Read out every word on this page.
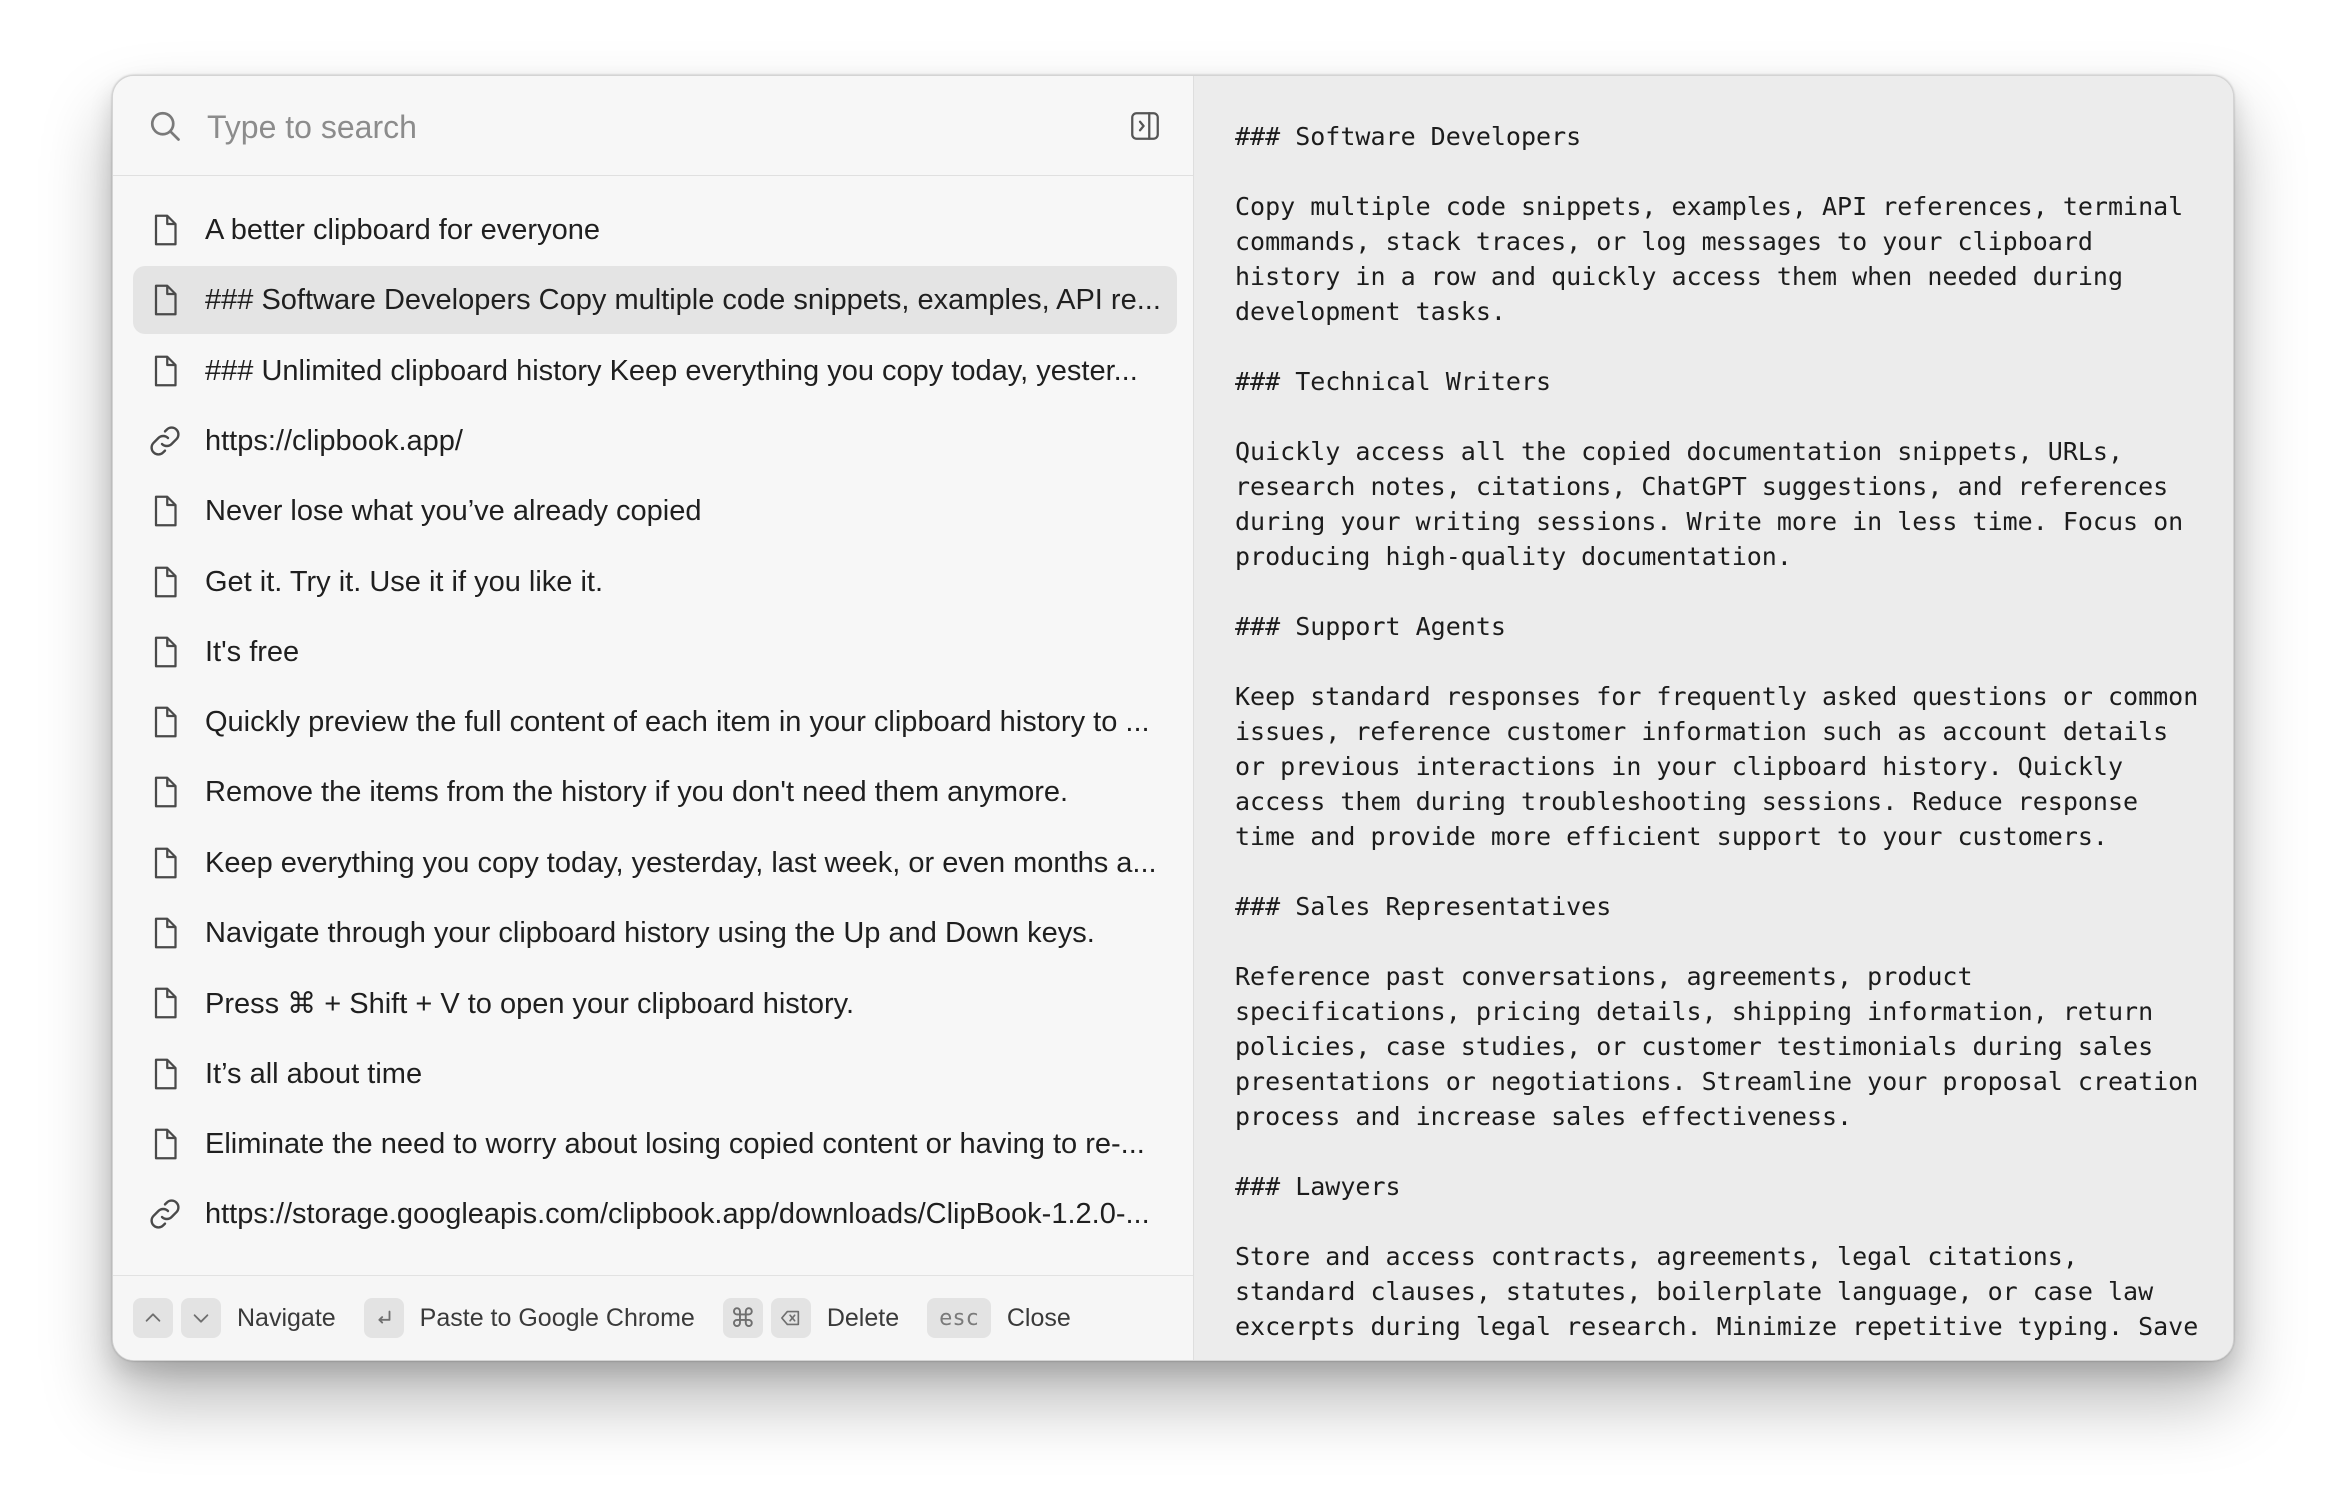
Type to search
A better clipboard for everyone
### Software Developers Copy multiple code snippets, examples, API re...
### Unlimited clipboard history Keep everything you copy today, yester...
https://clipbook.app/
Never lose what you’ve already copied
Get it. Try it. Use it if you like it.
It's free
Quickly preview the full content of each item in your clipboard history to ...
Remove the items from the history if you don't need them anymore.
Keep everything you copy today, yesterday, last week, or even months a...
Navigate through your clipboard history using the Up and Down keys.
Press ⌘ + Shift + V to open your clipboard history.
It’s all about time
Eliminate the need to worry about losing copied content or having to re-...
https://storage.googleapis.com/clipbook.app/downloads/ClipBook-1.2.0-...
Navigate	Paste to Google Chrome ⌘	Delete	esc	Close
### Software Developers

Copy multiple code snippets, examples, API references, terminal
commands, stack traces, or log messages to your clipboard
history in a row and quickly access them when needed during
development tasks.

### Technical Writers

Quickly access all the copied documentation snippets, URLs,
research notes, citations, ChatGPT suggestions, and references
during your writing sessions. Write more in less time. Focus on
producing high-quality documentation.

### Support Agents

Keep standard responses for frequently asked questions or common
issues, reference customer information such as account details
or previous interactions in your clipboard history. Quickly
access them during troubleshooting sessions. Reduce response
time and provide more efficient support to your customers.

### Sales Representatives

Reference past conversations, agreements, product
specifications, pricing details, shipping information, return
policies, case studies, or customer testimonials during sales
presentations or negotiations. Streamline your proposal creation
process and increase sales effectiveness.

### Lawyers

Store and access contracts, agreements, legal citations,
standard clauses, statutes, boilerplate language, or case law
excerpts during legal research. Minimize repetitive typing. Save
